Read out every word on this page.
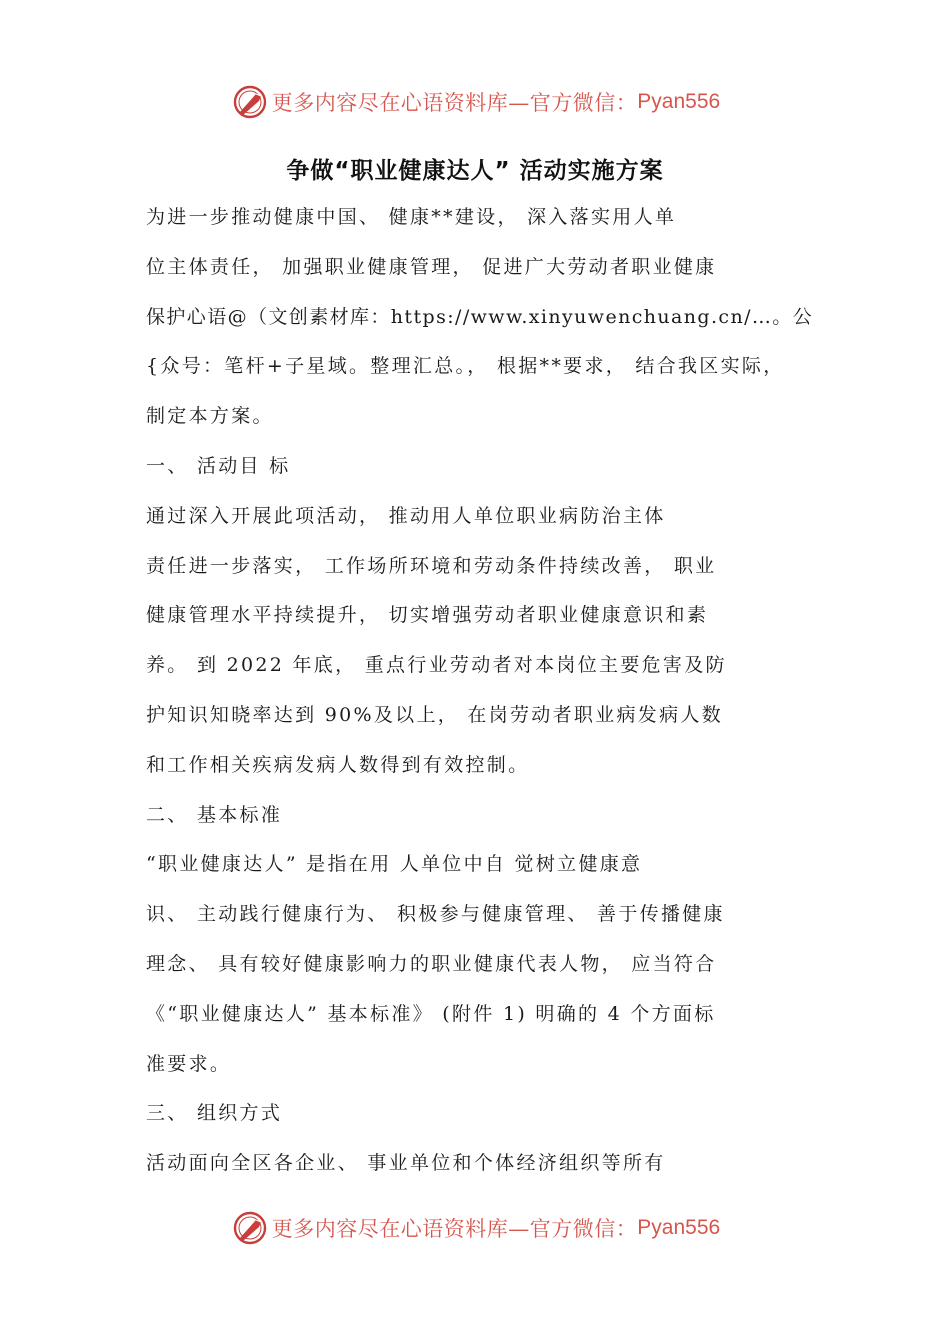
更多内容尽在心语资料库—官方微信： Pyan556
争做“职业健康达人” 活动实施方案
为进一步推动健康中国、 健康**建设， 深入落实用人单
位主体责任， 加强职业健康管理， 促进广大劳动者职业健康
保护心语@（文创素材库：https://www.xinyuwenchuang.cn/…。公
{众号：笔杆+子星域。整理汇总。， 根据**要求， 结合我区实际，
制定本方案。
一、 活动目 标
通过深入开展此项活动， 推动用人单位职业病防治主体
责任进一步落实， 工作场所环境和劳动条件持续改善， 职业
健康管理水平持续提升， 切实增强劳动者职业健康意识和素
养。 到 2022 年底， 重点行业劳动者对本岗位主要危害及防
护知识知晓率达到 90%及以上， 在岗劳动者职业病发病人数
和工作相关疾病发病人数得到有效控制。
二、 基本标准
“职业健康达人” 是指在用 人单位中自 觉树立健康意
识、 主动践行健康行为、 积极参与健康管理、 善于传播健康
理念、 具有较好健康影响力的职业健康代表人物， 应当符合
《“职业健康达人” 基本标准》 (附件 1) 明确的 4 个方面标
准要求。
三、 组织方式
活动面向全区各企业、 事业单位和个体经济组织等所有
更多内容尽在心语资料库—官方微信： Pyan556
